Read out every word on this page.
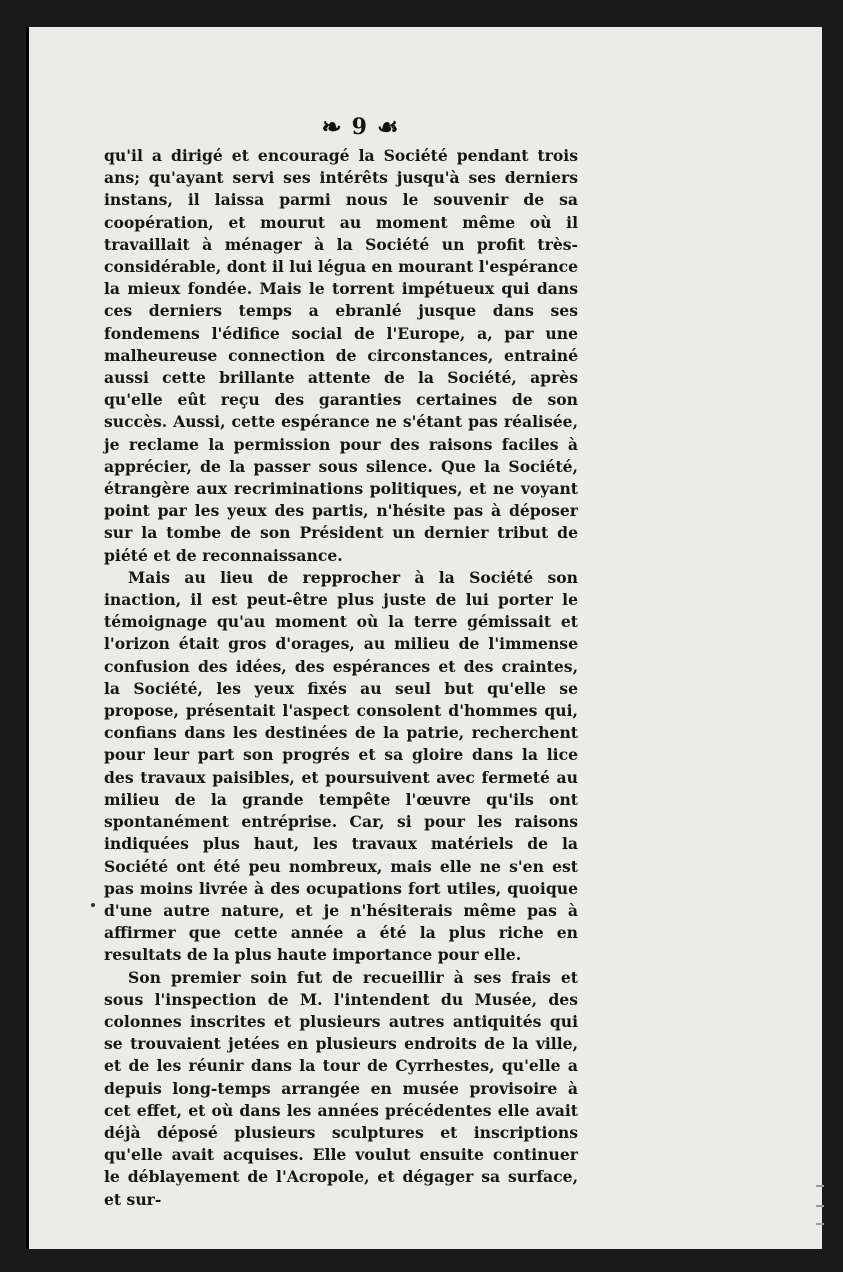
❧ 9 ☙

qu'il a dirigé et encouragé la Société pendant trois ans; qu'ayant servi ses intérêts jusqu'à ses derniers instans, il laissa parmi nous le souvenir de sa coopération, et mourut au moment même où il travaillait à ménager à la Société un profit très-considérable, dont il lui légua en mourant l'espérance la mieux fondée. Mais le torrent impétueux qui dans ces derniers temps a ebranlé jusque dans ses fondemens l'édifice social de l'Europe, a, par une malheureuse connection de circonstances, entrainé aussi cette brillante attente de la Société, après qu'elle eût reçu des garanties certaines de son succès. Aussi, cette espérance ne s'étant pas réalisée, je reclame la permission pour des raisons faciles à apprécier, de la passer sous silence. Que la Société, étrangère aux recriminations politiques, et ne voyant point par les yeux des partis, n'hésite pas à déposer sur la tombe de son Président un dernier tribut de piété et de reconnaissance.

Mais au lieu de repprocher à la Société son inaction, il est peut-être plus juste de lui porter le témoignage qu'au moment où la terre gémissait et l'orizon était gros d'orages, au milieu de l'immense confusion des idées, des espérances et des craintes, la Société, les yeux fixés au seul but qu'elle se propose, présentait l'aspect consolent d'hommes qui, confians dans les destinées de la patrie, recherchent pour leur part son progrés et sa gloire dans la lice des travaux paisibles, et poursuivent avec fermeté au milieu de la grande tempête l'œuvre qu'ils ont spontanément entréprise. Car, si pour les raisons indiquées plus haut, les travaux matériels de la Société ont été peu nombreux, mais elle ne s'en est pas moins livrée à des ocupations fort utiles, quoique d'une autre nature, et je n'hésiterais même pas à affirmer que cette année a été la plus riche en resultats de la plus haute importance pour elle.

Son premier soin fut de recueillir à ses frais et sous l'inspection de M. l'intendent du Musée, des colonnes inscrites et plusieurs autres antiquités qui se trouvaient jetées en plusieurs endroits de la ville, et de les réunir dans la tour de Cyrrhestes, qu'elle a depuis long-temps arrangée en musée provisoire à cet effet, et où dans les années précédentes elle avait déjà déposé plusieurs sculptures et inscriptions qu'elle avait acquises. Elle voulut ensuite continuer le déblayement de l'Acropole, et dégager sa surface, et sur-
